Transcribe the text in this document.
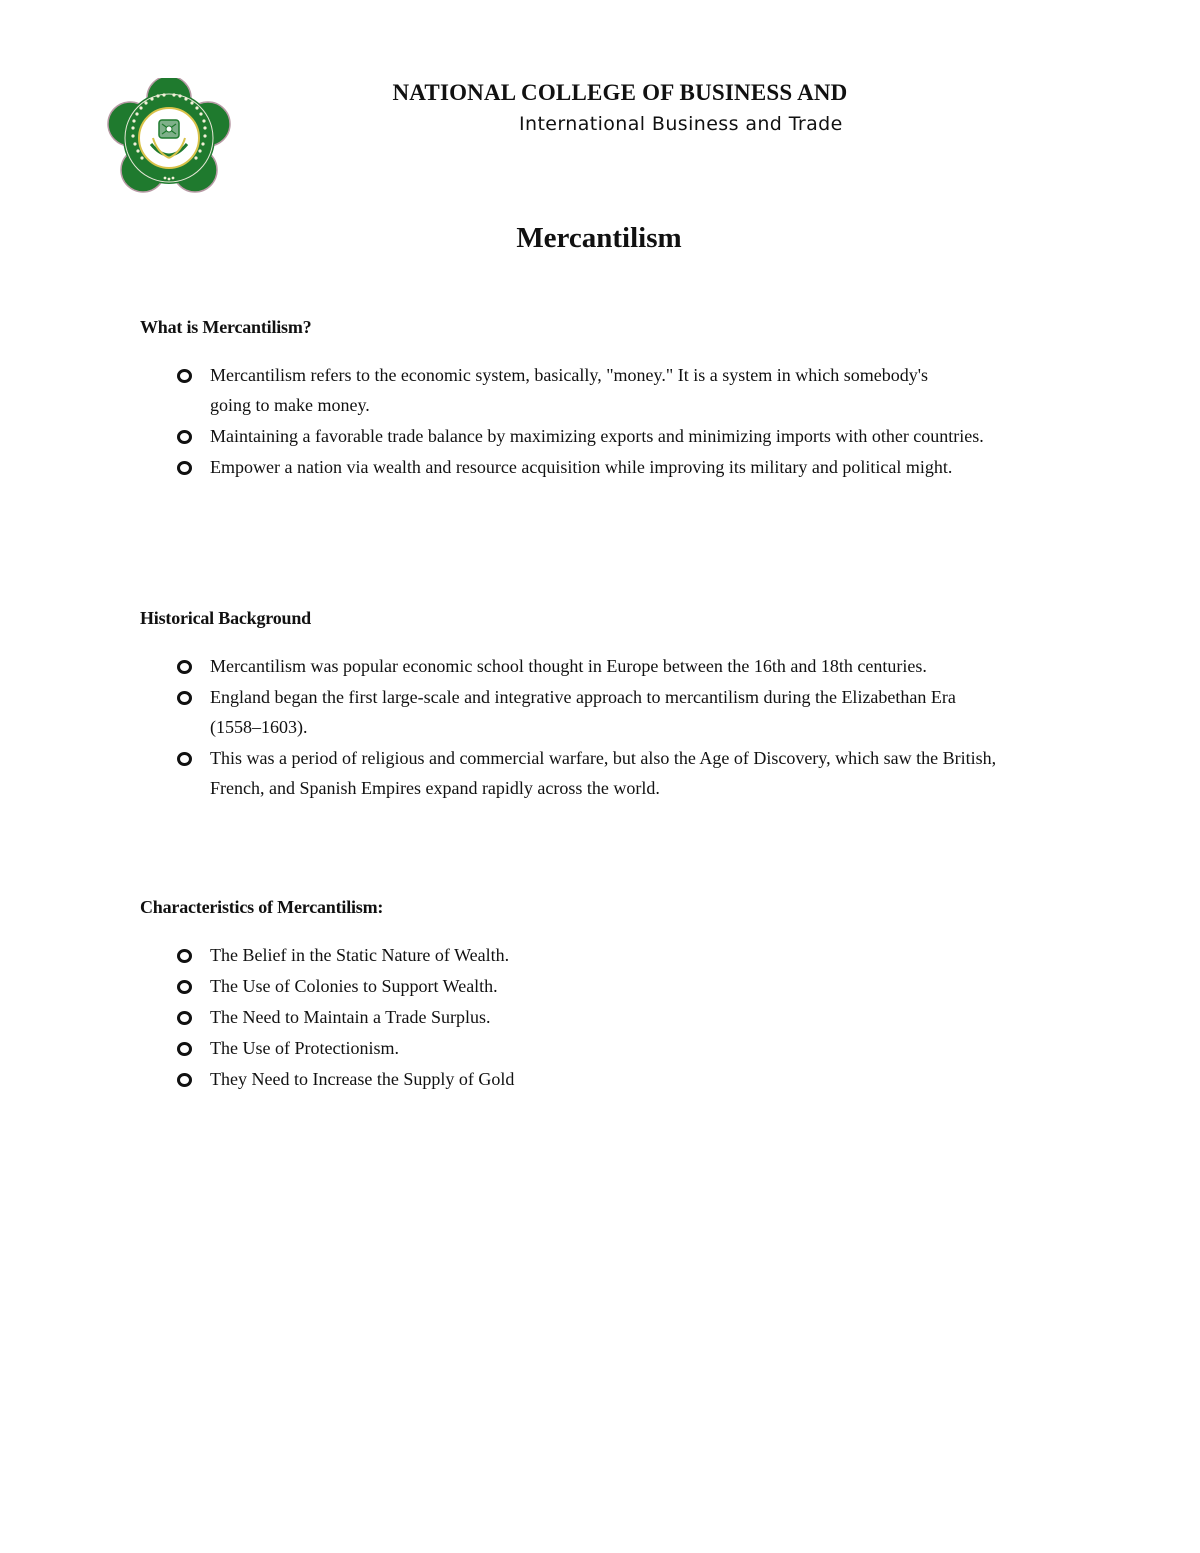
NATIONAL COLLEGE OF BUSINESS AND
International Business and Trade
Mercantilism
What is Mercantilism?
Mercantilism refers to the economic system, basically, "money." It is a system in which somebody's going to make money.
Maintaining a favorable trade balance by maximizing exports and minimizing imports with other countries.
Empower a nation via wealth and resource acquisition while improving its military and political might.
Historical Background
Mercantilism was popular economic school thought in Europe between the 16th and 18th centuries.
England began the first large-scale and integrative approach to mercantilism during the Elizabethan Era (1558–1603).
This was a period of religious and commercial warfare, but also the Age of Discovery, which saw the British, French, and Spanish Empires expand rapidly across the world.
Characteristics of Mercantilism:
The Belief in the Static Nature of Wealth.
The Use of Colonies to Support Wealth.
The Need to Maintain a Trade Surplus.
The Use of Protectionism.
They Need to Increase the Supply of Gold
